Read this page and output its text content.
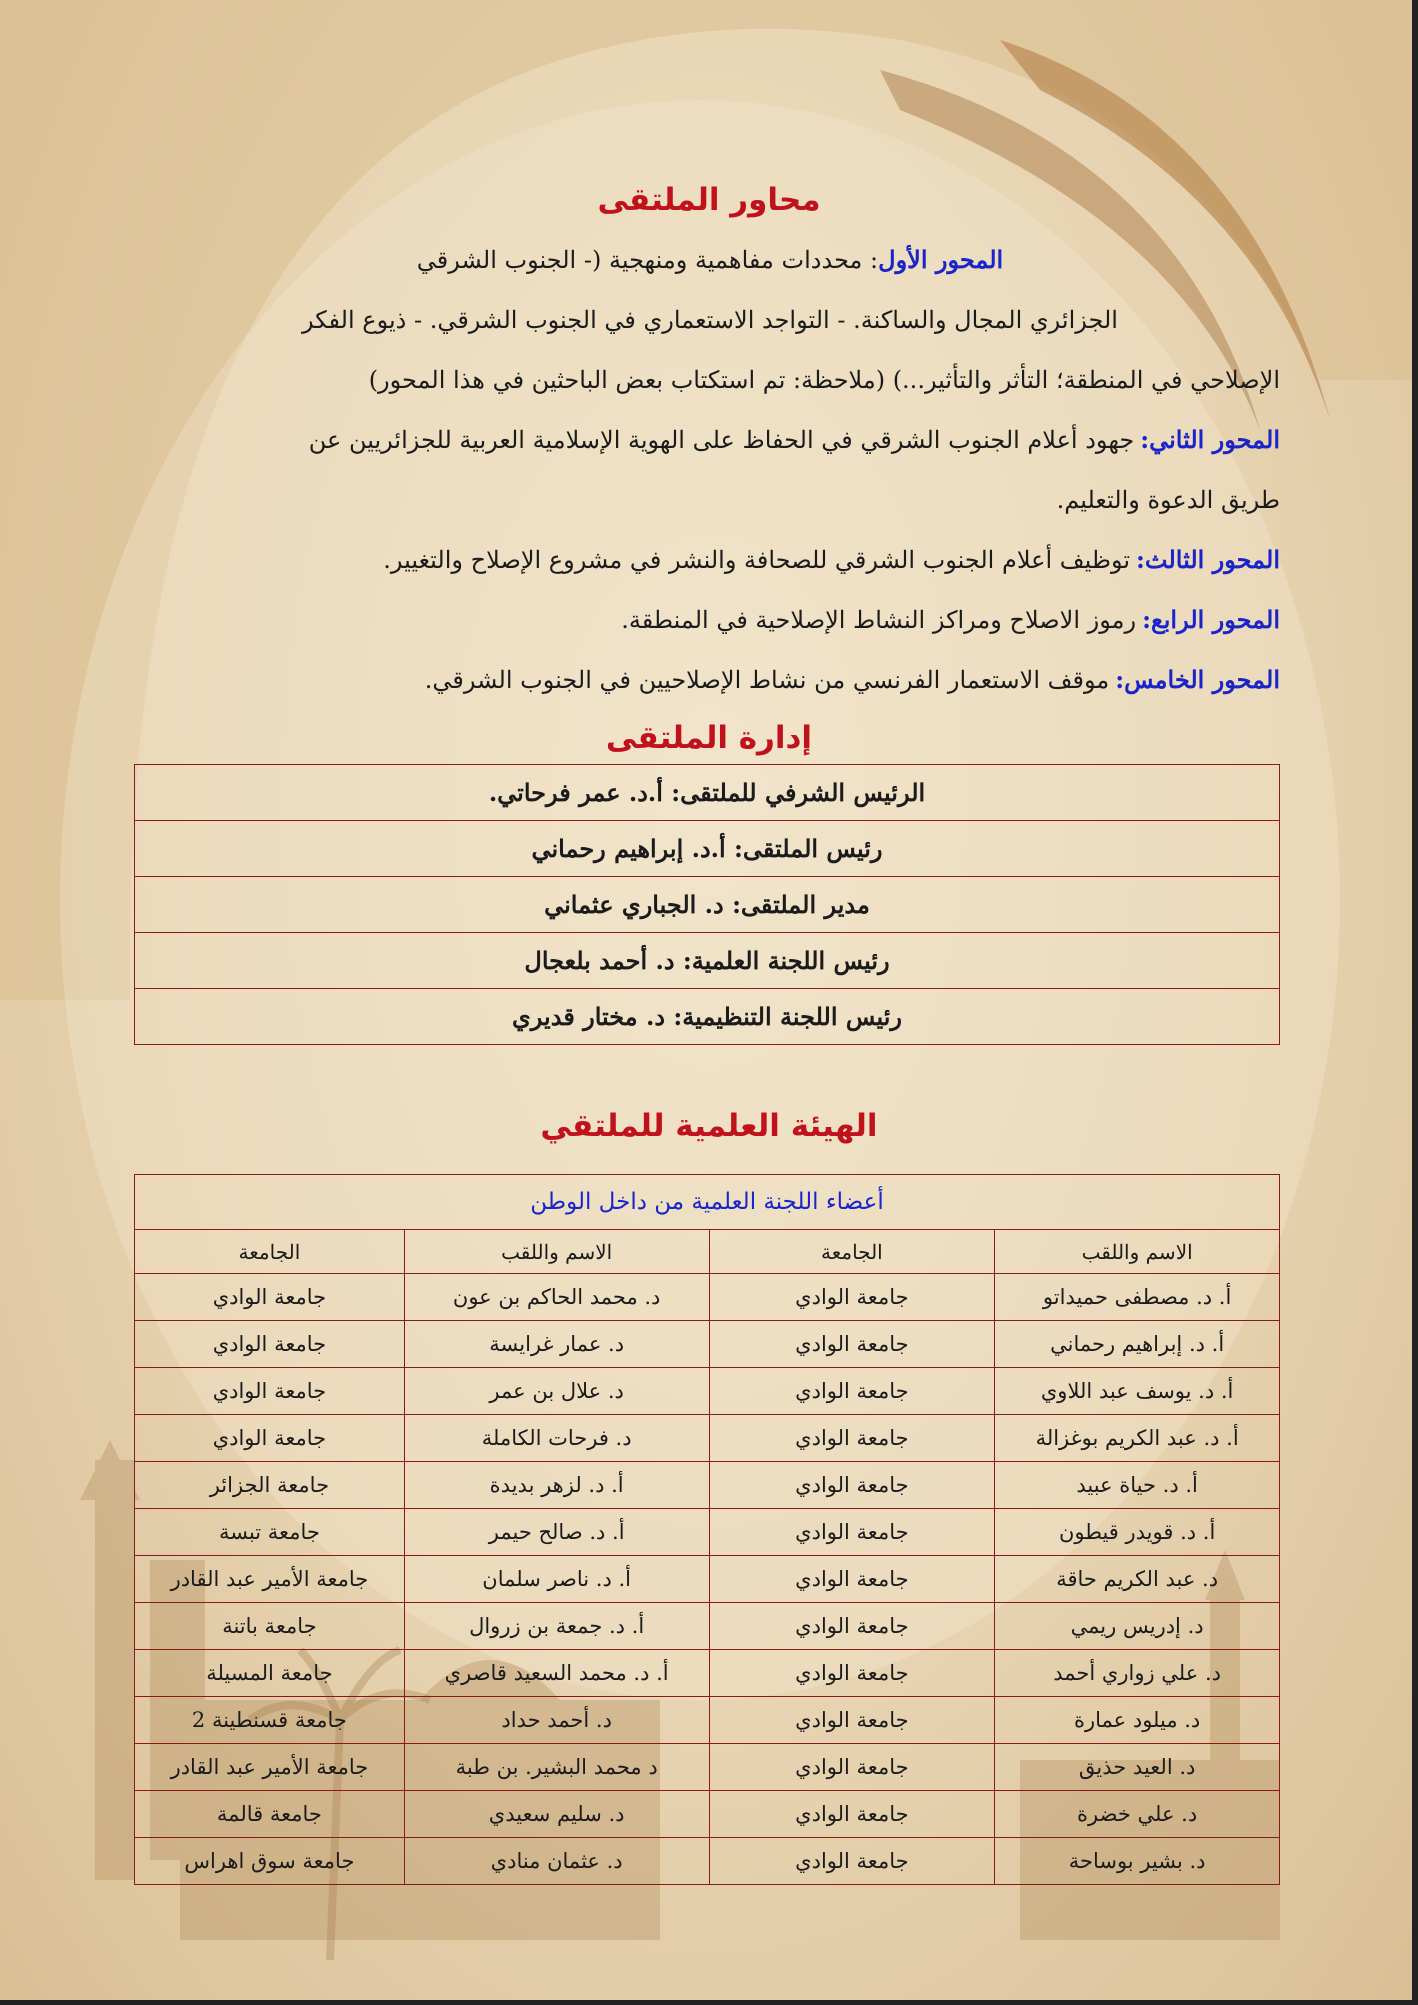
محاور الملتقى
المحور الأول: محددات مفاهمية ومنهجية (- الجنوب الشرقي
الجزائري المجال والساكنة. - التواجد الاستعماري في الجنوب الشرقي. - ذيوع الفكر
الإصلاحي في المنطقة؛ التأثر والتأثير...) (ملاحظة: تم استكتاب بعض الباحثين في هذا المحور)
المحور الثاني:جهود أعلام الجنوب الشرقي في الحفاظ على الهوية الإسلامية العربية للجزائريين عن
طريق الدعوة والتعليم.
المحور الثالث:توظيف أعلام الجنوب الشرقي للصحافة والنشر في مشروع الإصلاح والتغيير.
المحور الرابع:رموز الاصلاح ومراكز النشاط الإصلاحية في المنطقة.
المحور الخامس:موقف الاستعمار الفرنسي من نشاط الإصلاحيين في الجنوب الشرقي.
إدارة الملتقى
الرئيس الشرفي للملتقى: أ.د. عمر فرحاتي.
رئيس الملتقى: أ.د. إبراهيم رحماني
مدير الملتقى: د. الجباري عثماني
رئيس اللجنة العلمية: د. أحمد بلعجال
رئيس اللجنة التنظيمية: د. مختار قديري
الهيئة العلمية للملتقي
أعضاء اللجنة العلمية من داخل الوطن			
الاسم واللقب	الجامعة	الاسم واللقب	الجامعة
أ. د. مصطفى حميداتو	جامعة الوادي	د. محمد الحاكم بن عون	جامعة الوادي
أ. د. إبراهيم رحماني	جامعة الوادي	د. عمار غرايسة	جامعة الوادي
أ. د. يوسف عبد اللاوي	جامعة الوادي	د. علال بن عمر	جامعة الوادي
أ. د. عبد الكريم بوغزالة	جامعة الوادي	د. فرحات الكاملة	جامعة الوادي
أ. د. حياة عبيد	جامعة الوادي	أ. د. لزهر بديدة	جامعة الجزائر
أ. د. قويدر قيطون	جامعة الوادي	أ. د. صالح حيمر	جامعة تبسة
د. عبد الكريم حاقة	جامعة الوادي	أ. د. ناصر سلمان	جامعة الأمير عبد القادر
د. إدريس ريمي	جامعة الوادي	أ. د. جمعة بن زروال	جامعة باتنة
د. علي زواري أحمد	جامعة الوادي	أ. د. محمد السعيد قاصري	جامعة المسيلة
د. ميلود عمارة	جامعة الوادي	د. أحمد حداد	جامعة قسنطينة 2
د. العيد حذيق	جامعة الوادي	د محمد البشير. بن طبة	جامعة الأمير عبد القادر
د. علي خضرة	جامعة الوادي	د. سليم سعيدي	جامعة قالمة
د. بشير بوساحة	جامعة الوادي	د. عثمان منادي	جامعة سوق اهراس
